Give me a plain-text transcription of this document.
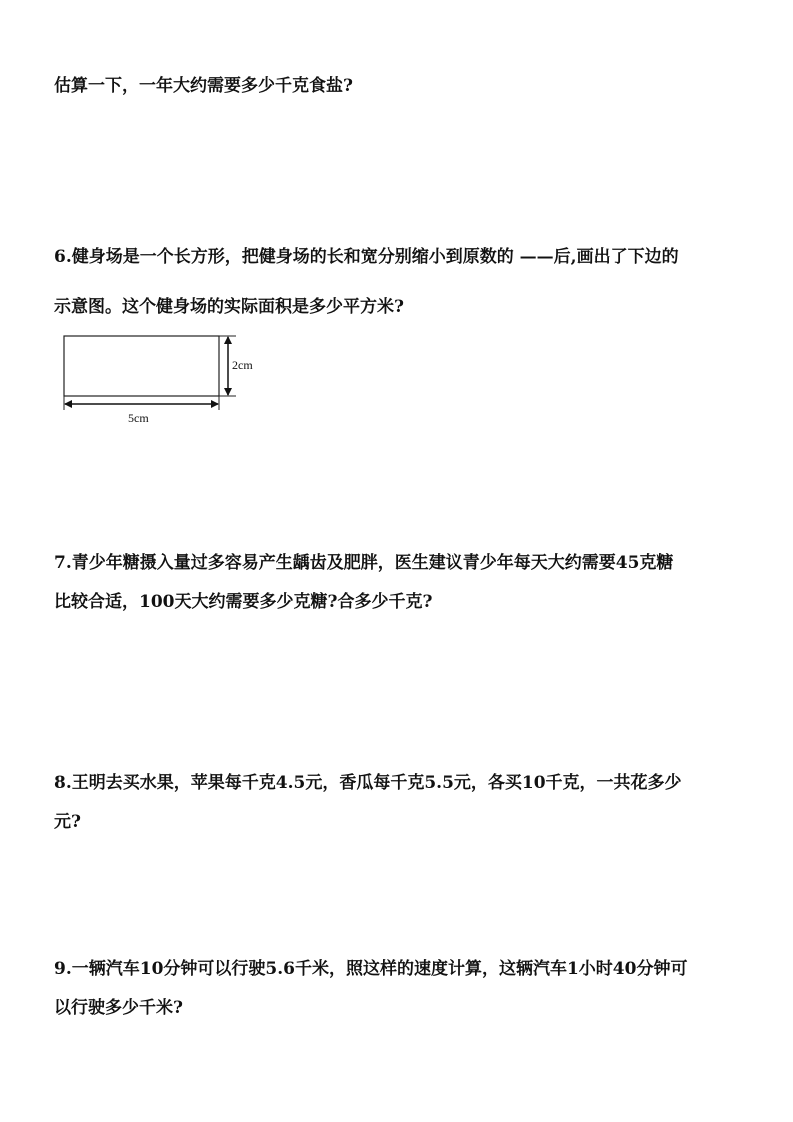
估算一下，一年大约需要多少千克食盐?
6.健身场是一个长方形，把健身场的长和宽分别缩小到原数的 ——后,画出了下边的
示意图。这个健身场的实际面积是多少平方米?
2cm
5cm
7.青少年糖摄入量过多容易产生龋齿及肥胖，医生建议青少年每天大约需要45克糖
比较合适，100天大约需要多少克糖?合多少千克?
8.王明去买水果，苹果每千克4.5元，香瓜每千克5.5元，各买10千克，一共花多少
元?
9.一辆汽车10分钟可以行驶5.6千米，照这样的速度计算，这辆汽车1小时40分钟可
以行驶多少千米?
